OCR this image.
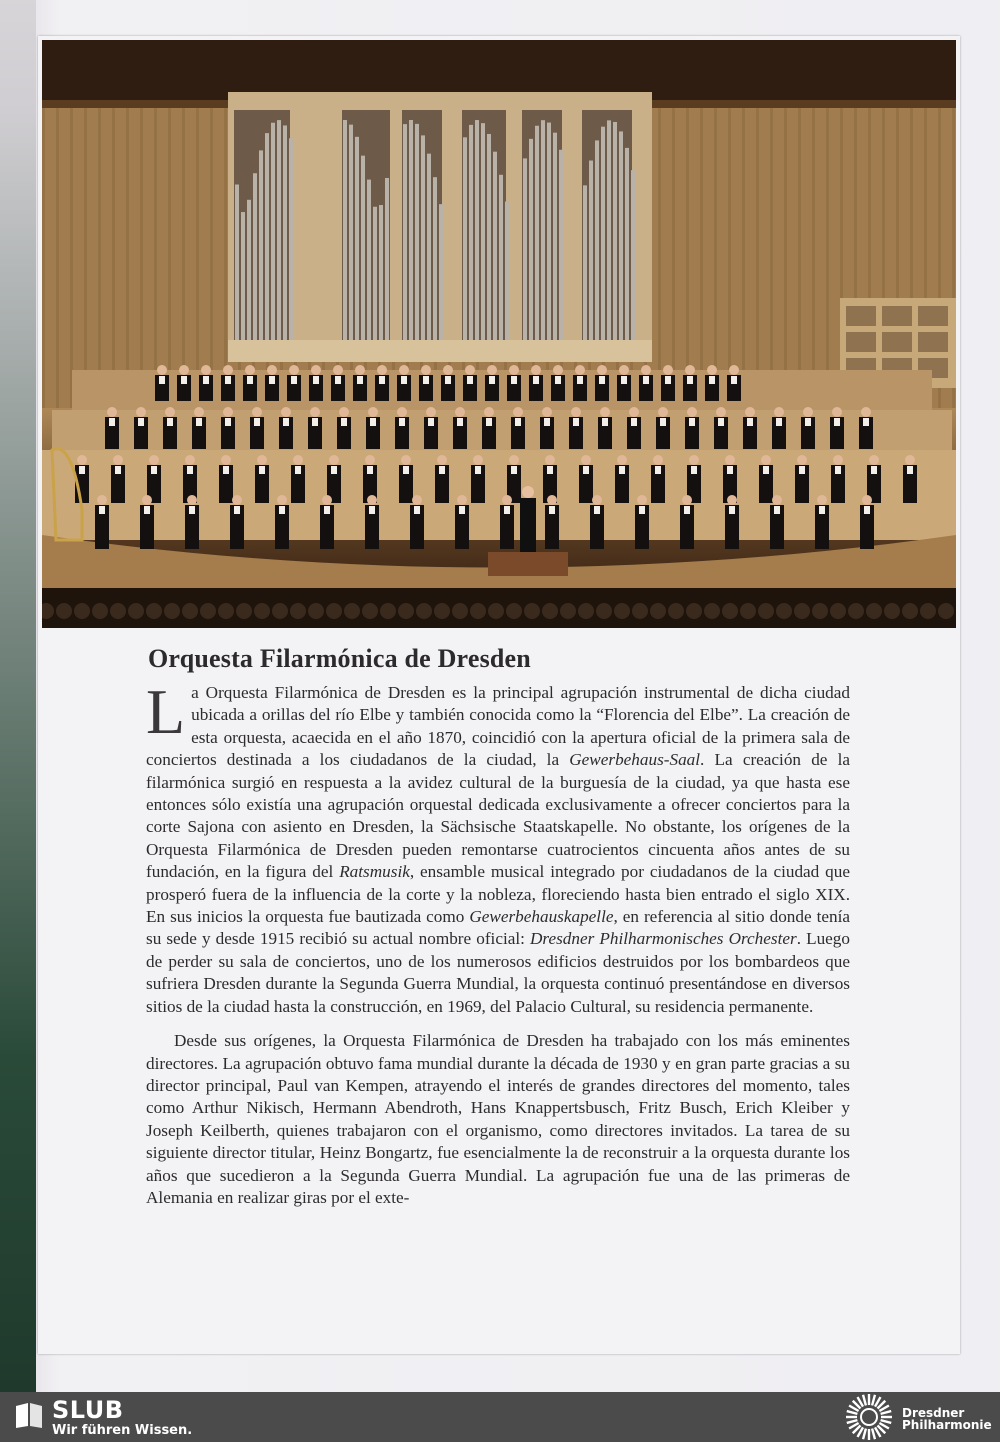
Orquesta Filarmónica de Dresden

L a Orquesta Filarmónica de Dresden es la principal agrupación instrumental de dicha ciudad ubicada a orillas del río Elbe y también conocida como la “Florencia del Elbe”. La creación de esta orquesta, acaecida en el año 1870, coincidió con la apertura oficial de la primera sala de conciertos destinada a los ciudadanos de la ciudad, la Gewerbehaus-Saal. La creación de la filarmónica surgió en respuesta a la avidez cultural de la burguesía de la ciudad, ya que hasta ese entonces sólo existía una agrupación orquestal dedicada exclusivamente a ofrecer conciertos para la corte Sajona con asiento en Dresden, la Sächsische Staatskapelle. No obstante, los orígenes de la Orquesta Filarmónica de Dresden pueden remontarse cuatrocientos cincuenta años antes de su fundación, en la figura del Ratsmusik, ensamble musical integrado por ciudadanos de la ciudad que prosperó fuera de la influencia de la corte y la nobleza, floreciendo hasta bien entrado el siglo XIX. En sus inicios la orquesta fue bautizada como Gewerbehauskapelle, en referencia al sitio donde tenía su sede y desde 1915 recibió su actual nombre oficial: Dresdner Philharmonisches Orchester. Luego de perder su sala de conciertos, uno de los numerosos edificios destruidos por los bombardeos que sufriera Dresden durante la Segunda Guerra Mundial, la orquesta continuó presentándose en diversos sitios de la ciudad hasta la construcción, en 1969, del Palacio Cultural, su residencia permanente.

Desde sus orígenes, la Orquesta Filarmónica de Dresden ha trabajado con los más eminentes directores. La agrupación obtuvo fama mundial durante la década de 1930 y en gran parte gracias a su director principal, Paul van Kempen, atrayendo el interés de grandes directores del momento, tales como Arthur Nikisch, Hermann Abendroth, Hans Knappertsbusch, Fritz Busch, Erich Kleiber y Joseph Keilberth, quienes trabajaron con el organismo, como directores invitados. La tarea de su siguiente director titular, Heinz Bongartz, fue esencialmente la de reconstruir a la orquesta durante los años que sucedieron a la Segunda Guerra Mundial. La agrupación fue una de las primeras de Alemania en realizar giras por el exte-

SLUB
Wir führen Wissen.
Dresdner
Philharmonie
